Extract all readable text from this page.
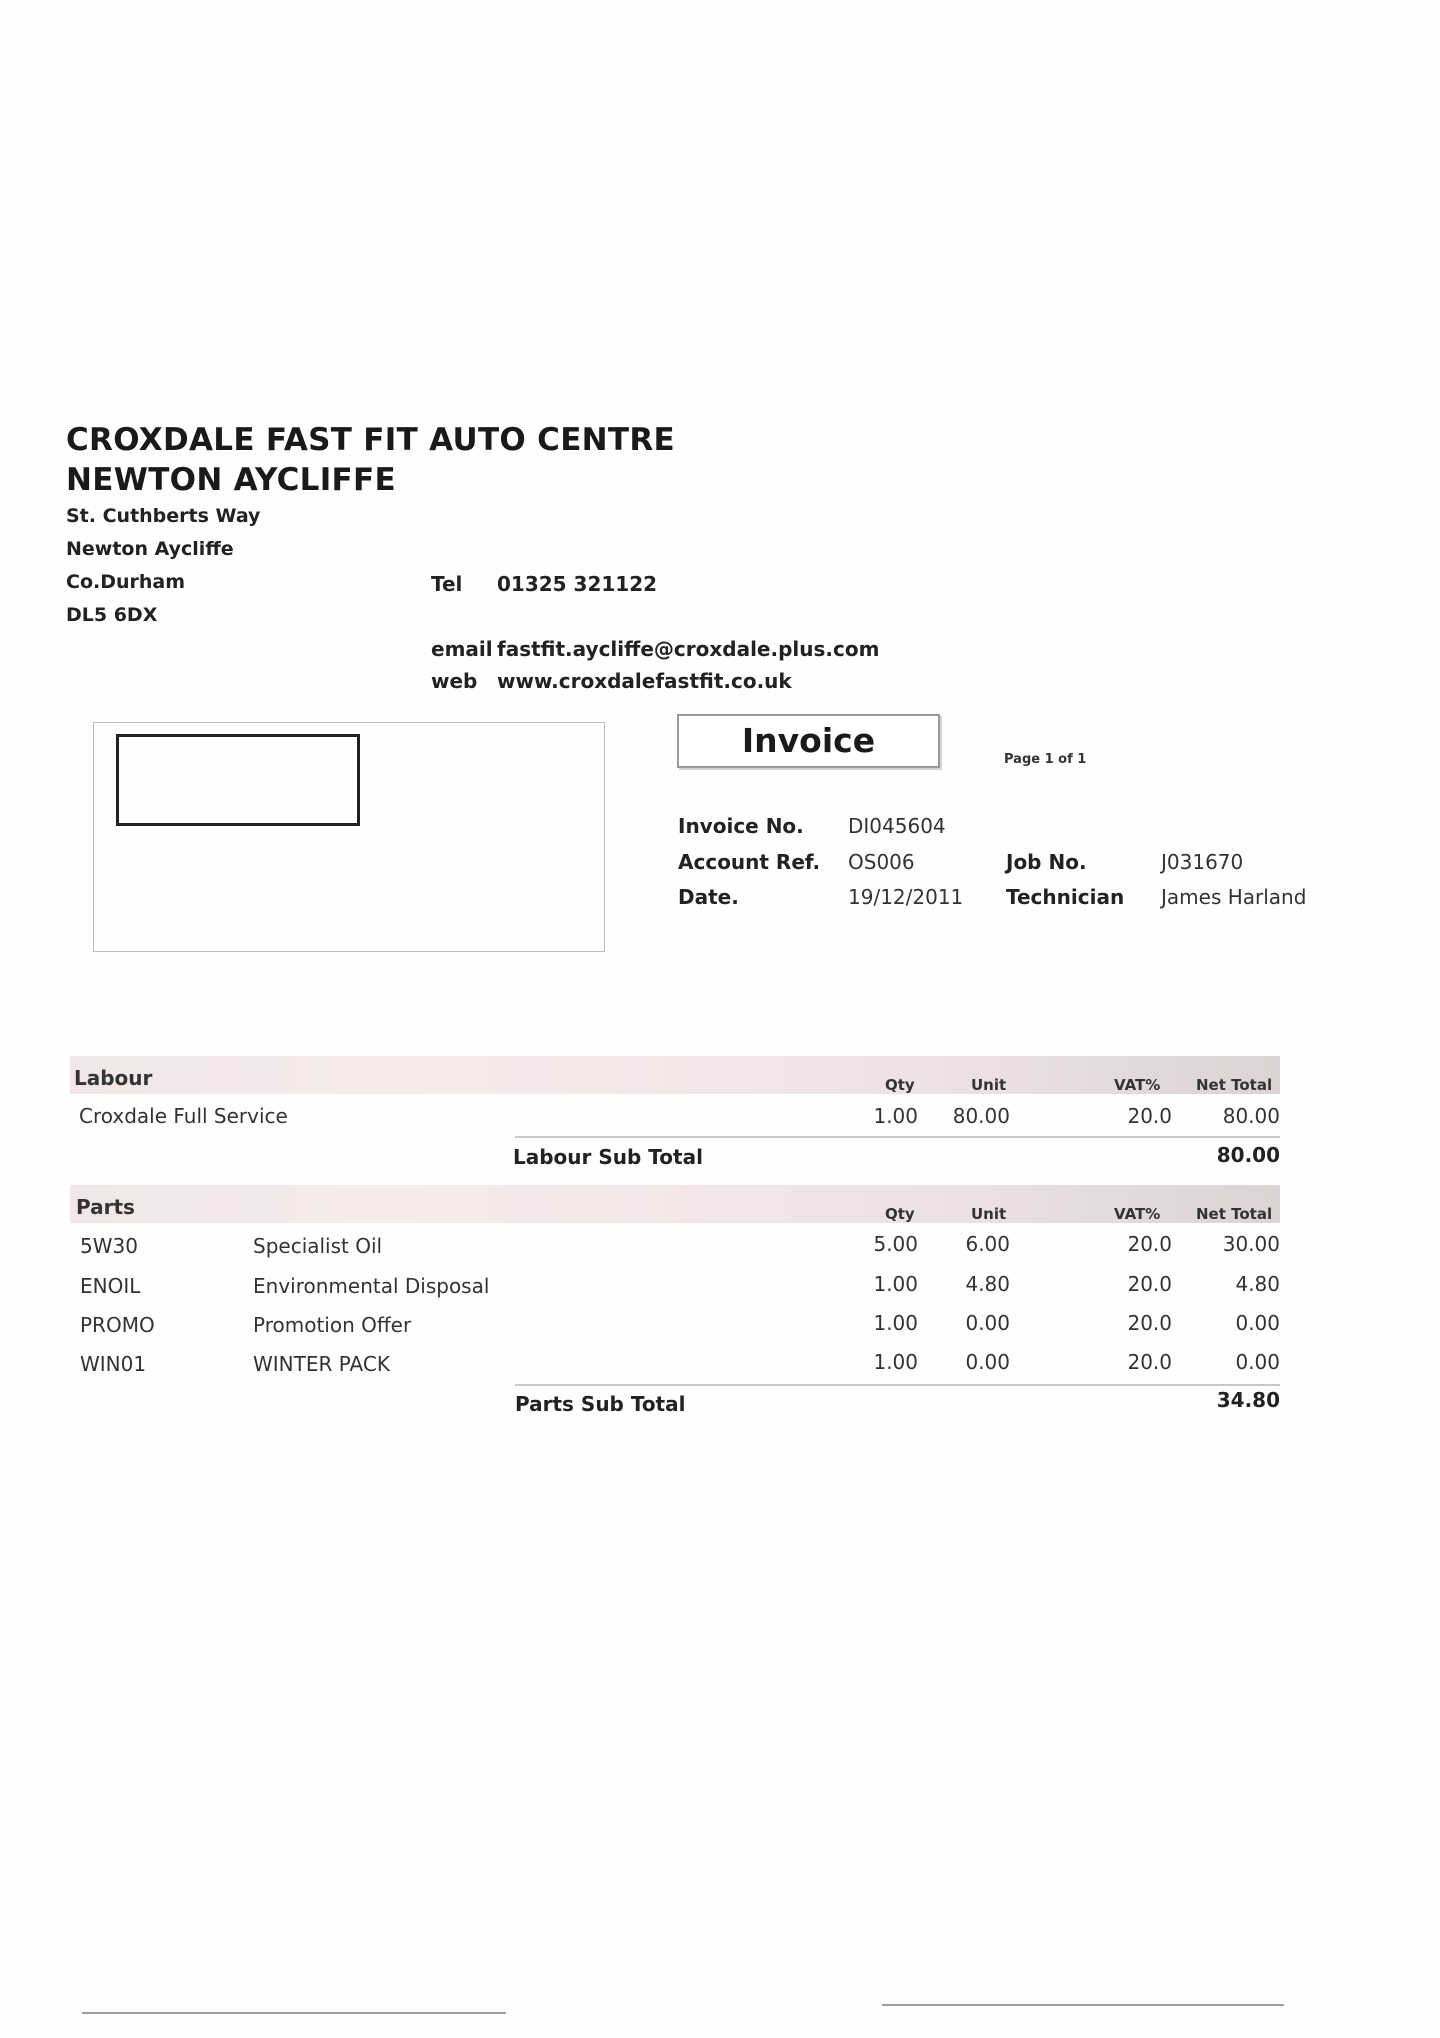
CROXDALE FAST FIT AUTO CENTRE NEWTON AYCLIFFE
St. Cuthberts Way
Newton Aycliffe
Co.Durham
DL5 6DX
Tel 01325 321122
email fastfit.aycliffe@croxdale.plus.com
web www.croxdalefastfit.co.uk
Invoice	Page 1 of 1
Invoice No. DI045604
Account Ref. OS006
Date.	19/12/2011
Job No.	J031670
Technician James Harland
Labour	Qty	Unit	VAT% Net Total
Croxdale Full Service	1.00	80.00	20.0	80.00
Labour Sub Total	80.00
Parts	Qty	Unit	VAT% Net Total
5W30	Specialist Oil	5.00	6.00	20.0	30.00
ENOIL	Environmental Disposal	1.00	4.80	20.0	4.80
PROMO	Promotion Offer	1.00	0.00	20.0	0.00
WIN01	WINTER PACK	1.00	0.00	20.0	0.00
Parts Sub Total	34.80
